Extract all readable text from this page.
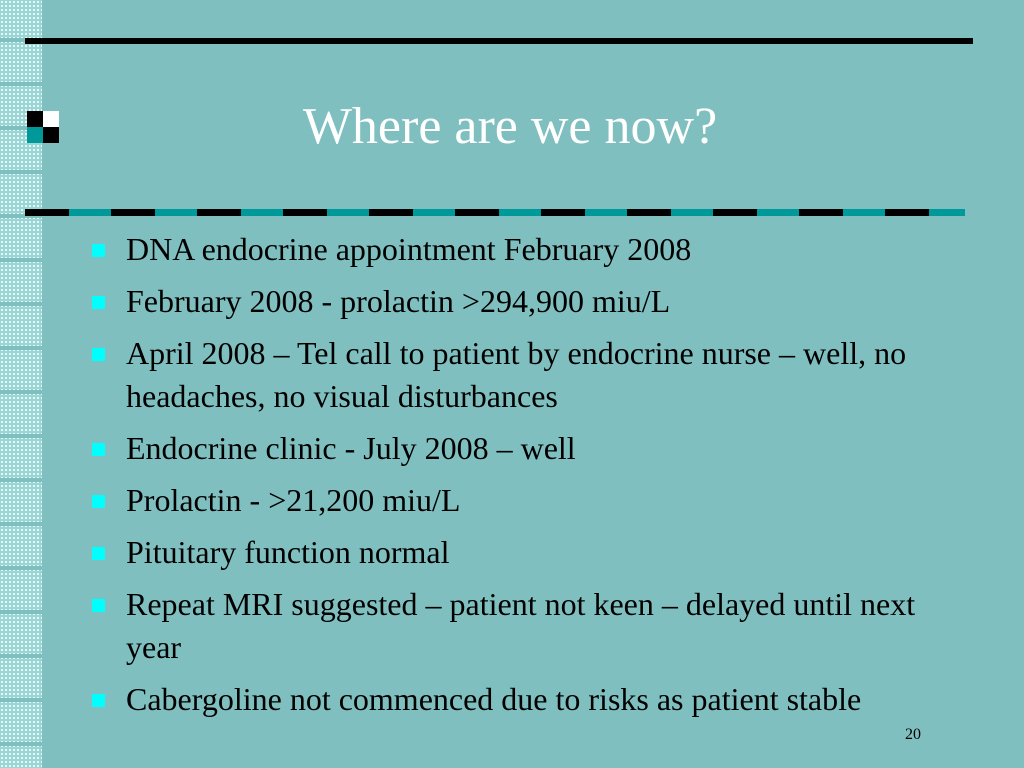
Where are we now?
DNA endocrine appointment February 2008
February 2008 - prolactin >294,900 miu/L
April 2008 – Tel call to patient by endocrine nurse – well, no headaches, no visual disturbances
Endocrine clinic - July 2008 – well
Prolactin - >21,200 miu/L
Pituitary function normal
Repeat MRI suggested – patient not keen – delayed until next year
Cabergoline not commenced due to risks as patient stable
20
